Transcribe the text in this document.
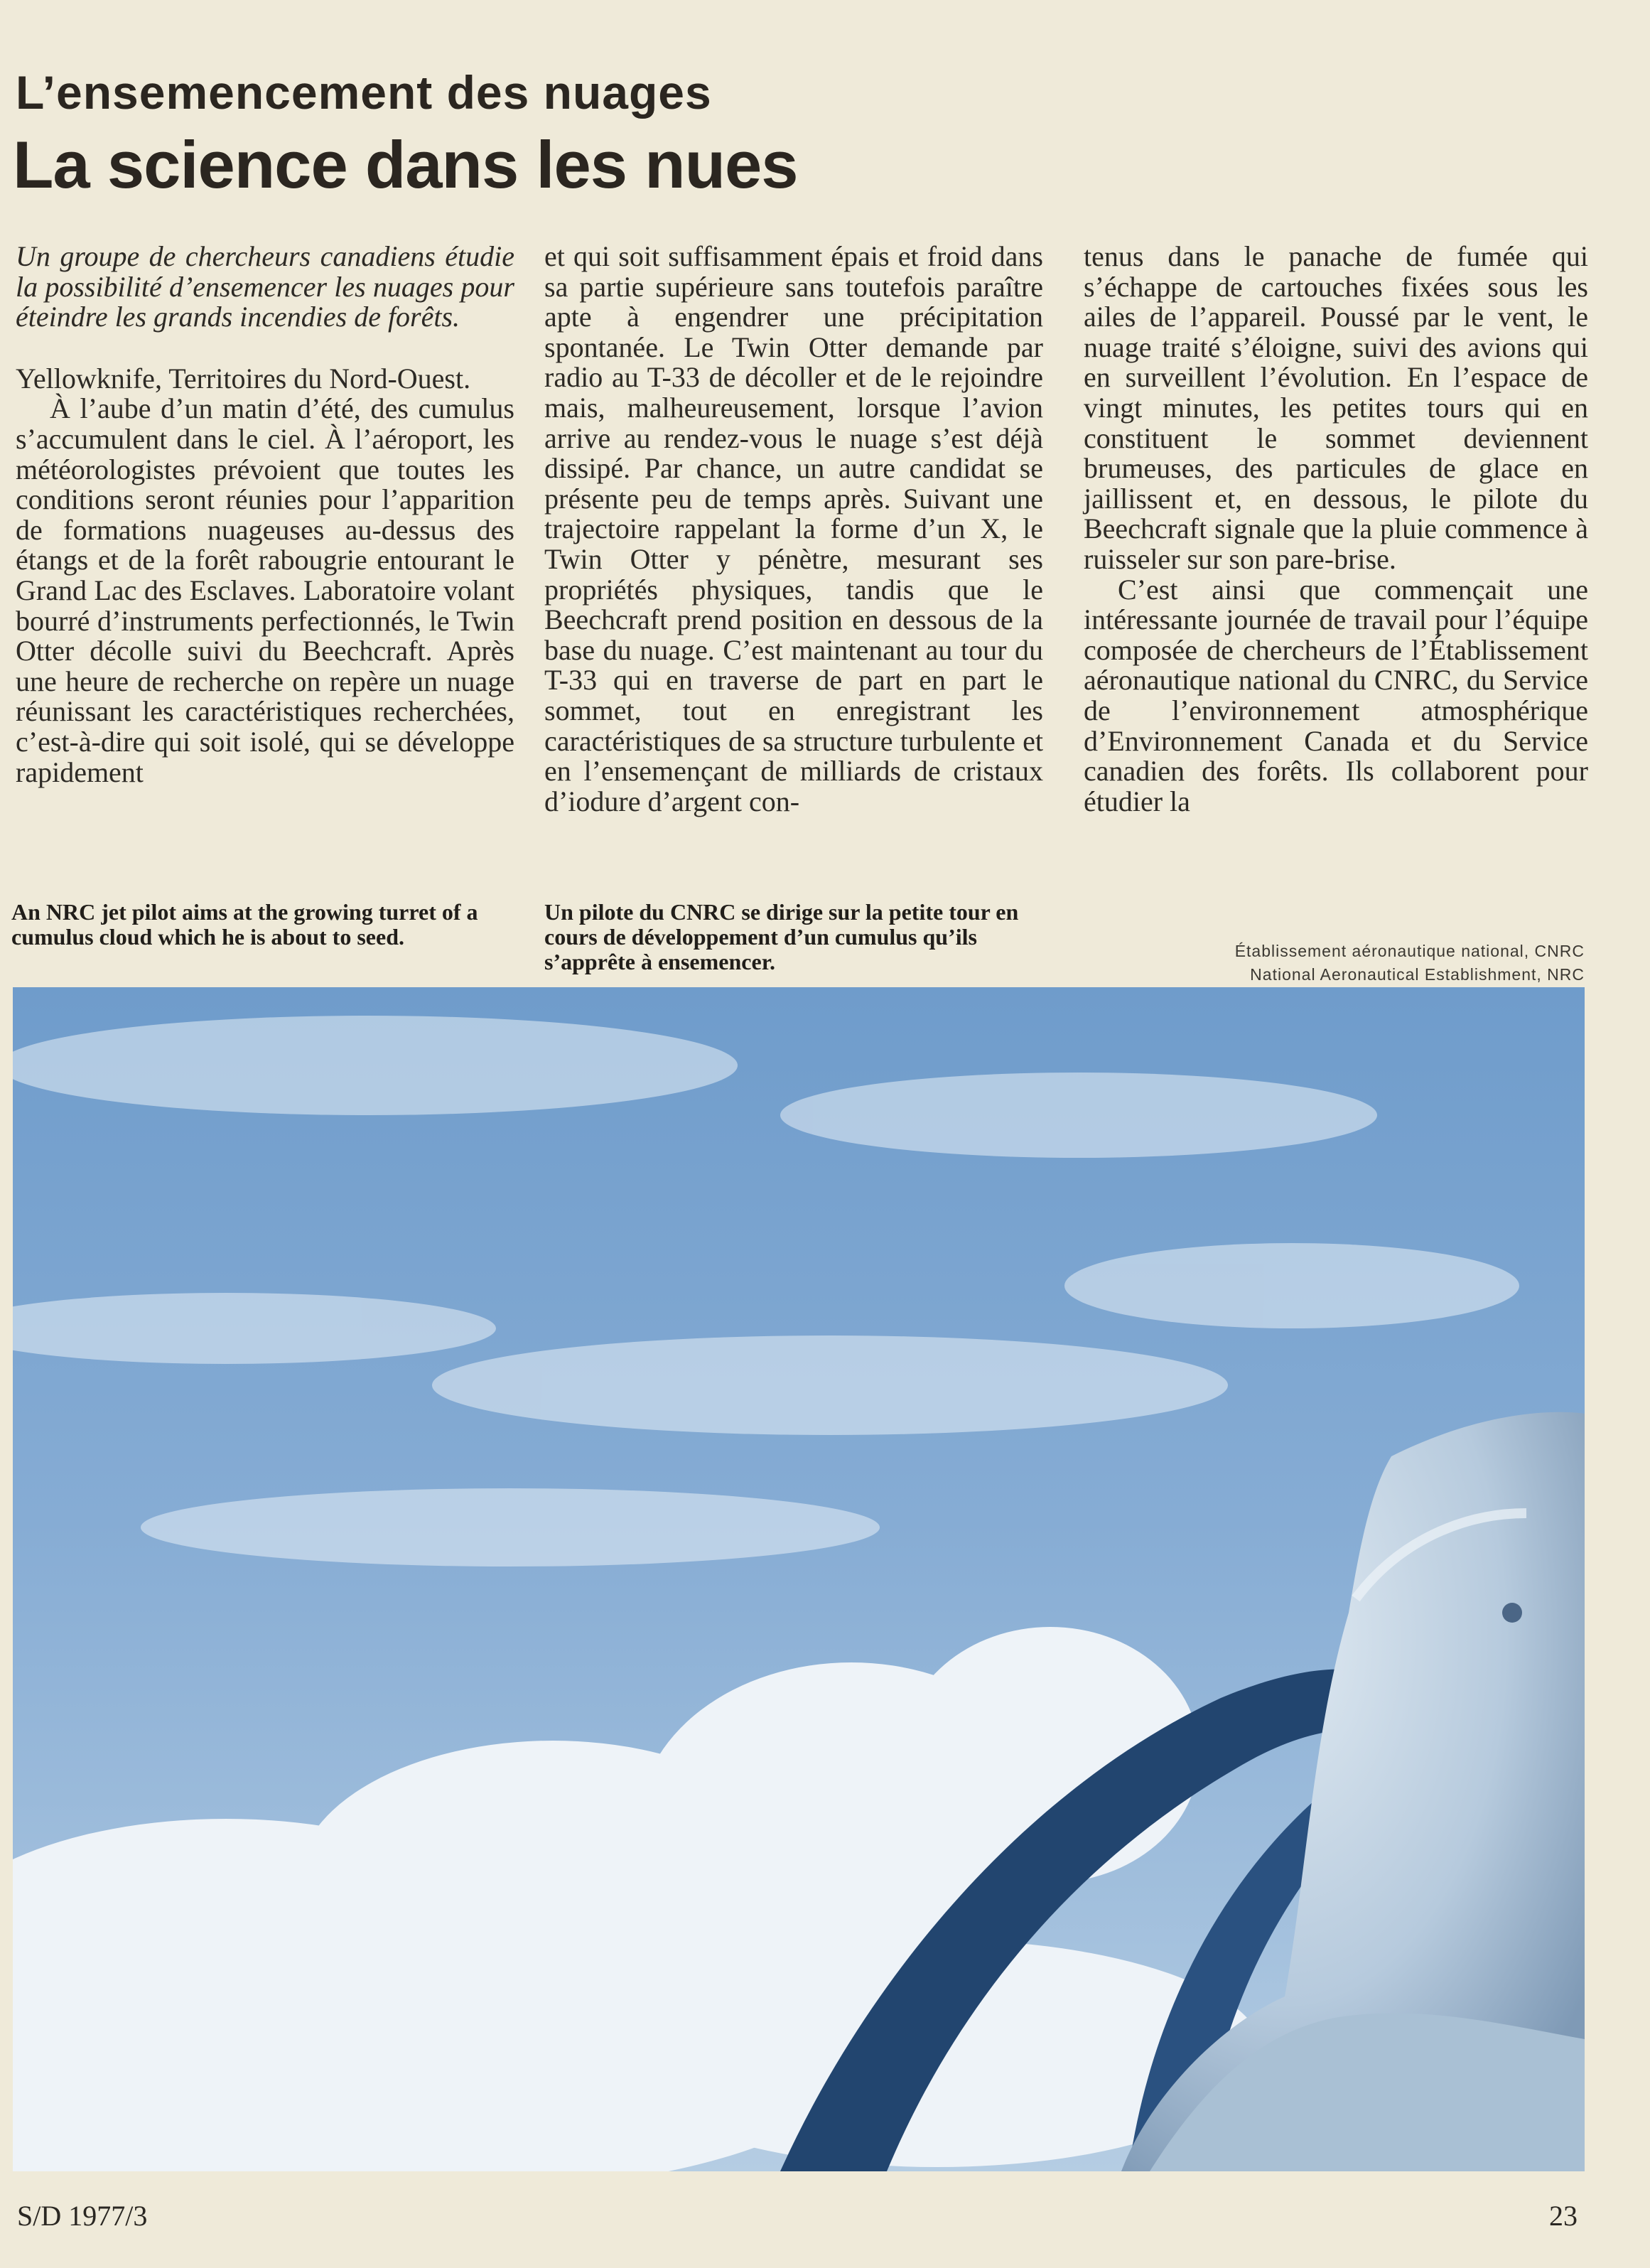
L’ensemencement des nuages
La science dans les nues

Un groupe de chercheurs canadiens étudie la possibilité d’ensemencer les nuages pour éteindre les grands incendies de forêts.

Yellowknife, Territoires du Nord-Ouest.

À l’aube d’un matin d’été, des cumulus s’accumulent dans le ciel. À l’aéroport, les météorologistes prévoient que toutes les conditions seront réunies pour l’apparition de formations nuageuses au-dessus des étangs et de la forêt rabougrie entourant le Grand Lac des Esclaves. Laboratoire volant bourré d’instruments perfectionnés, le Twin Otter décolle suivi du Beechcraft. Après une heure de recherche on repère un nuage réunissant les caractéristiques recherchées, c’est-à-dire qui soit isolé, qui se développe rapidement

et qui soit suffisamment épais et froid dans sa partie supérieure sans toutefois paraître apte à engendrer une précipitation spontanée. Le Twin Otter demande par radio au T-33 de décoller et de le rejoindre mais, malheureusement, lorsque l’avion arrive au rendez-vous le nuage s’est déjà dissipé. Par chance, un autre candidat se présente peu de temps après. Suivant une trajectoire rappelant la forme d’un X, le Twin Otter y pénètre, mesurant ses propriétés physiques, tandis que le Beechcraft prend position en dessous de la base du nuage. C’est maintenant au tour du T-33 qui en traverse de part en part le sommet, tout en enregistrant les caractéristiques de sa structure turbulente et en l’ensemençant de milliards de cristaux d’iodure d’argent con-

tenus dans le panache de fumée qui s’échappe de cartouches fixées sous les ailes de l’appareil. Poussé par le vent, le nuage traité s’éloigne, suivi des avions qui en surveillent l’évolution. En l’espace de vingt minutes, les petites tours qui en constituent le sommet deviennent brumeuses, des particules de glace en jaillissent et, en dessous, le pilote du Beechcraft signale que la pluie commence à ruisseler sur son pare-brise.

C’est ainsi que commençait une intéressante journée de travail pour l’équipe composée de chercheurs de l’Établissement aéronautique national du CNRC, du Service de l’environnement atmosphérique d’Environnement Canada et du Service canadien des forêts. Ils collaborent pour étudier la

An NRC jet pilot aims at the growing turret of a cumulus cloud which he is about to seed.
Un pilote du CNRC se dirige sur la petite tour en cours de développement d’un cumulus qu’ils s’apprête à ensemencer.	Établissement aéronautique national, CNRC
National Aeronautical Establishment, NRC
S/D 1977/3	23
